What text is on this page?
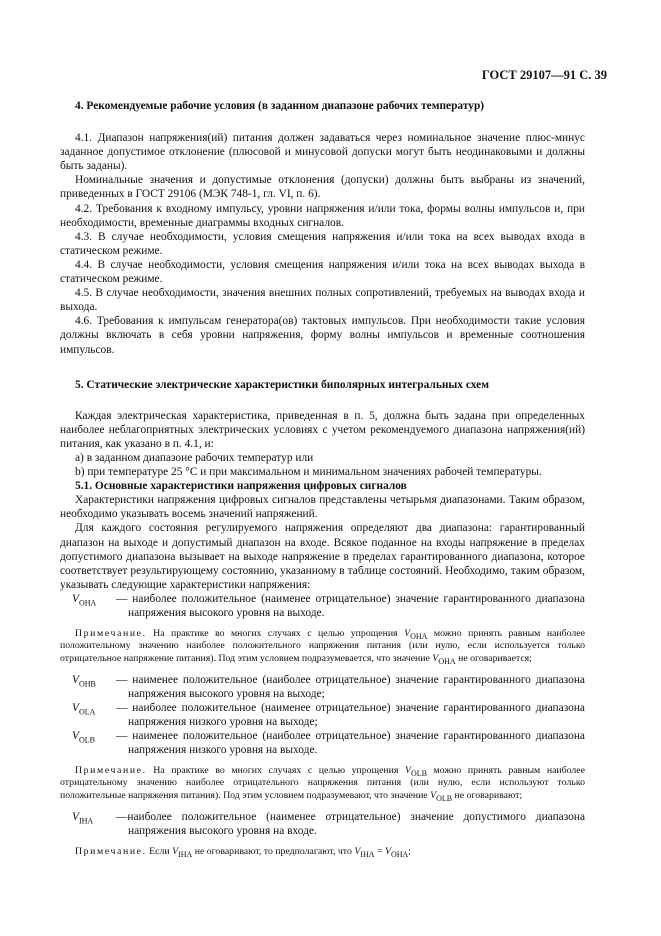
ГОСТ 29107—91 С. 39

4. Рекомендуемые рабочие условия (в заданном диапазоне рабочих температур)

4.1. Диапазон напряжения(ий) питания должен задаваться через номинальное значение плюс-минус заданное допустимое отклонение (плюсовой и минусовой допуски могут быть неодинаковыми и должны быть заданы).

Номинальные значения и допустимые отклонения (допуски) должны быть выбраны из значений, приведенных в ГОСТ 29106 (МЭК 748-1, гл. VI, п. 6).

4.2. Требования к входному импульсу, уровни напряжения и/или тока, формы волны импульсов и, при необходимости, временные диаграммы входных сигналов.

4.3. В случае необходимости, условия смещения напряжения и/или тока на всех выводах входа в статическом режиме.

4.4. В случае необходимости, условия смещения напряжения и/или тока на всех выводах выхода в статическом режиме.

4.5. В случае необходимости, значения внешних полных сопротивлений, требуемых на выводах входа и выхода.

4.6. Требования к импульсам генератора(ов) тактовых импульсов. При необходимости такие условия должны включать в себя уровни напряжения, форму волны импульсов и временные соотношения импульсов.

5. Статические электрические характеристики биполярных интегральных схем

Каждая электрическая характеристика, приведенная в п. 5, должна быть задана при определенных наиболее неблагоприятных электрических условиях с учетом рекомендуемого диапазона напряжения(ий) питания, как указано в п. 4.1, и:

a) в заданном диапазоне рабочих температур или

b) при температуре 25 °С и при максимальном и минимальном значениях рабочей температуры.

5.1. Основные характеристики напряжения цифровых сигналов

Характеристики напряжения цифровых сигналов представлены четырьмя диапазонами. Таким образом, необходимо указывать восемь значений напряжений.

Для каждого состояния регулируемого напряжения определяют два диапазона: гарантированный диапазон на выходе и допустимый диапазон на входе. Всякое поданное на входы напряжение в пределах допустимого диапазона вызывает на выходе напряжение в пределах гарантированного диапазона, которое соответствует результирующему состоянию, указанному в таблице состояний. Необходимо, таким образом, указывать следующие характеристики напряжения:

$V_{OHA}$	— наиболее положительное (наименее отрицательное) значение гарантированного диапазона напряжения высокого уровня на выходе.

Примечание. На практике во многих случаях с целью упрощения $V_{OHA}$ можно принять равным наиболее положительному значению наиболее положительного напряжения питания (или нулю, если используется только отрицательное напряжение питания). Под этим условием подразумевается, что значение $V_{OHA}$ не оговаривается;

$V_{OHB}$	— наименее положительное (наиболее отрицательное) значение гарантированного диапазона напряжения высокого уровня на выходе;
$V_{OLA}$	— наиболее положительное (наименее отрицательное) значение гарантированного диапазона напряжения низкого уровня на выходе;
$V_{OLB}$	— наименее положительное (наиболее отрицательное) значение гарантированного диапазона напряжения низкого уровня на выходе.

Примечание. На практике во многих случаях с целью упрощения $V_{OLB}$ можно принять равным наиболее отрицательному значению наиболее отрицательного напряжения питания (или нулю, если используют только положительные напряжения питания). Под этим условием подразумевают, что значение $V_{OLB}$ не оговаривают;

$V_{IHA}$	—наиболее положительное (наименее отрицательное) значение допустимого диапазона напряжения высокого уровня на входе.

Примечание. Если $V_{IHA}$ не оговаривают, то предполагают, что $V_{IHA} = V_{OHA}$;
